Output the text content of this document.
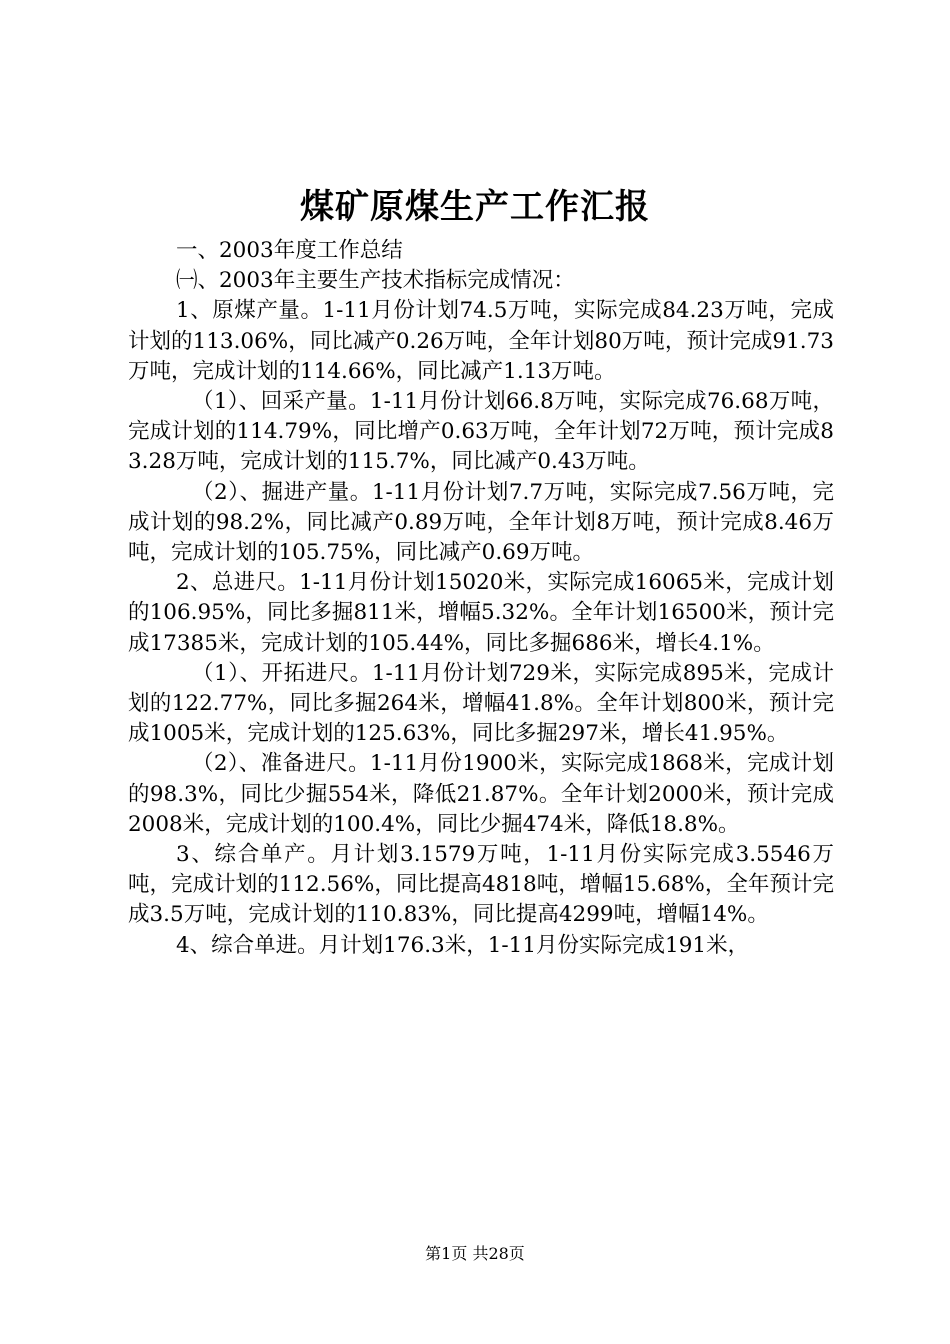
煤矿原煤生产工作汇报

一、2003年度工作总结

㈠、2003年主要生产技术指标完成情况：

1、原煤产量。1-11月份计划74.5万吨，实际完成84.23万吨，完成计划的113.06%，同比减产0.26万吨，全年计划80万吨，预计完成91.73万吨，完成计划的114.66%，同比减产1.13万吨。

（1）、回采产量。1-11月份计划66.8万吨，实际完成76.68万吨，完成计划的114.79%，同比增产0.63万吨，全年计划72万吨，预计完成83.28万吨，完成计划的115.7%，同比减产0.43万吨。

（2）、掘进产量。1-11月份计划7.7万吨，实际完成7.56万吨，完成计划的98.2%，同比减产0.89万吨，全年计划8万吨，预计完成8.46万吨，完成计划的105.75%，同比减产0.69万吨。

2、总进尺。1-11月份计划15020米，实际完成16065米，完成计划的106.95%，同比多掘811米，增幅5.32%。全年计划16500米，预计完成17385米，完成计划的105.44%，同比多掘686米，增长4.1%。

（1）、开拓进尺。1-11月份计划729米，实际完成895米，完成计划的122.77%，同比多掘264米，增幅41.8%。全年计划800米，预计完成1005米，完成计划的125.63%，同比多掘297米，增长41.95%。

（2）、准备进尺。1-11月份1900米，实际完成1868米，完成计划的98.3%，同比少掘554米，降低21.87%。全年计划2000米，预计完成2008米，完成计划的100.4%，同比少掘474米，降低18.8%。

3、综合单产。月计划3.1579万吨，1-11月份实际完成3.5546万吨，完成计划的112.56%，同比提高4818吨，增幅15.68%，全年预计完成3.5万吨，完成计划的110.83%，同比提高4299吨，增幅14%。

4、综合单进。月计划176.3米，1-11月份实际完成191米，

第1页 共28页
